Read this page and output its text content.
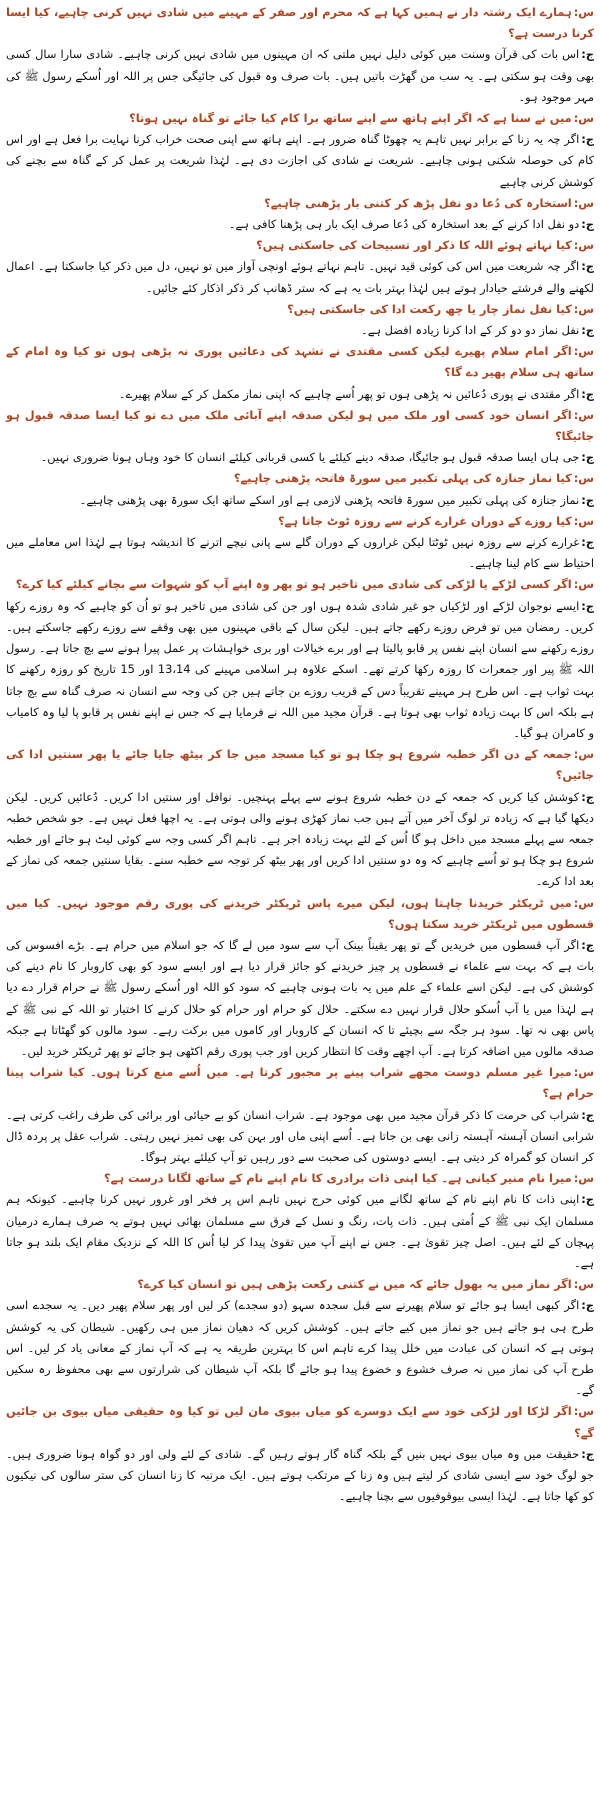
س:ہمارے ایک رشتہ دار نے ہمیں کہا ہے کہ محرم اور صفر کے مہینے میں شادی نہیں کرنی چاہیے، کیا ایسا کرنا درست ہے؟

ج:اس بات کی قرآن وسنت میں کوئی دلیل نہیں ملتی کہ ان مہینوں میں شادی نہیں کرنی چاہیے۔ شادی سارا سال کسی بھی وقت ہو سکتی ہے۔ یہ سب من گھڑت باتیں ہیں۔ بات صرف وہ قبول کی جائیگی جس پر اللہ اور اُسکے رسول ﷺ کی مہر موجود ہو۔

س:میں نے سنا ہے کہ اگر اپنے ہاتھ سے اپنے ساتھ برا کام کیا جائے تو گناہ نہیں ہوتا؟

ج:اگر چہ یہ زنا کے برابر نہیں تاہم یہ چھوٹا گناہ ضرور ہے۔ اپنے ہاتھ سے اپنی صحت خراب کرنا نہایت برا فعل ہے اور اس کام کی حوصلہ شکنی ہونی چاہیے۔ شریعت نے شادی کی اجازت دی ہے۔ لہٰذا شریعت پر عمل کر کے گناہ سے بچنے کی کوشش کرنی چاہیے

س:استخارہ کی دُعا دو نفل پڑھ کر کتنی بار پڑھنی چاہیے؟

ج:دو نفل ادا کرنے کے بعد استخارہ کی دُعا صرف ایک بار ہی پڑھنا کافی ہے۔

س:کیا نہاتے ہوئے اللہ کا ذکر اور تسبیحات کی جاسکتی ہیں؟

ج:اگر چہ شریعت میں اس کی کوئی قید نہیں۔ تاہم نہاتے ہوئے اونچی آواز میں تو نہیں، دل میں ذکر کیا جاسکتا ہے۔ اعمال لکھنے والے فرشتے حیادار ہوتے ہیں لہٰذا بہتر بات یہ ہے کہ ستر ڈھانپ کر ذکر اذکار کئے جائیں۔

س:کیا نفل نماز چار یا چھ رکعت ادا کی جاسکتی ہیں؟

ج:نفل نماز دو دو کر کے ادا کرنا زیادہ افضل ہے۔

س:اگر امام سلام پھیرے لیکن کسی مقتدی نے تشہد کی دعائیں پوری نہ پڑھی ہوں تو کیا وہ امام کے ساتھ ہی سلام پھیر دے گا؟

ج:اگر مقتدی نے پوری دُعائیں نہ پڑھی ہوں تو پھر اُسے چاہیے کہ اپنی نماز مکمل کر کے سلام پھیرے۔

س:اگر انسان خود کسی اور ملک میں ہو لیکن صدقہ اپنے آبائی ملک میں دے تو کیا ایسا صدقہ قبول ہو جائیگا؟

ج:جی ہاں ایسا صدقہ قبول ہو جائیگا، صدقہ دینے کیلئے یا کسی قربانی کیلئے انسان کا خود وہاں ہونا ضروری نہیں۔

س:کیا نماز جنازہ کی پہلی تکبیر میں سورۃ فاتحہ پڑھنی چاہیے؟

ج:نماز جنازہ کی پہلی تکبیر میں سورۃ فاتحہ پڑھنی لازمی ہے اور اسکے ساتھ ایک سورۃ بھی پڑھنی چاہیے۔

س:کیا روزے کے دوران غرارے کرنے سے روزہ ٹوٹ جاتا ہے؟

ج:غرارے کرنے سے روزہ نہیں ٹوٹتا لیکن غراروں کے دوران گلے سے پانی نیچے اترنے کا اندیشہ ہوتا ہے لہٰذا اس معاملے میں احتیاط سے کام لینا چاہیے۔

س:اگر کسی لڑکے یا لڑکی کی شادی میں تاخیر ہو تو پھر وہ اپنے آپ کو شہوات سے بچانے کیلئے کیا کرے؟

ج:ایسے نوجوان لڑکے اور لڑکیاں جو غیر شادی شدہ ہوں اور جن کی شادی میں تاخیر ہو تو اُن کو چاہیے کہ وہ روزے رکھا کریں۔ رمضان میں تو فرض روزے رکھے جاتے ہیں۔ لیکن سال کے باقی مہینوں میں بھی وقفے سے روزے رکھے جاسکتے ہیں۔ روزے رکھنے سے انسان اپنے نفس پر قابو پالیتا ہے اور برے خیالات اور بری خواہشات پر عمل پیرا ہونے سے بچ جاتا ہے۔ رسول اللہ ﷺ پیر اور جمعرات کا روزہ رکھا کرتے تھے۔ اسکے علاوہ ہر اسلامی مہینے کی 13،14 اور 15 تاریخ کو روزہ رکھنے کا بہت ثواب ہے۔ اس طرح ہر مہینے تقریباً دس کے قریب روزے بن جاتے ہیں جن کی وجہ سے انسان نہ صرف گناہ سے بچ جاتا ہے بلکہ اس کا بہت زیادہ ثواب بھی ہوتا ہے۔ قرآن مجید میں اللہ نے فرمایا ہے کہ جس نے اپنے نفس پر قابو پا لیا وہ کامیاب و کامران ہو گیا۔

س:جمعہ کے دن اگر خطبہ شروع ہو چکا ہو تو کیا مسجد میں جا کر بیٹھ جایا جائے یا پھر سنتیں ادا کی جائیں؟

ج:کوشش کیا کریں کہ جمعہ کے دن خطبہ شروع ہونے سے پہلے پہنچیں۔ نوافل اور سنتیں ادا کریں۔ دُعائیں کریں۔ لیکن دیکھا گیا ہے کہ زیادہ تر لوگ آخر میں آتے ہیں جب نماز کھڑی ہونے والی ہوتی ہے۔ یہ اچھا فعل نہیں ہے۔ جو شخص خطبہ جمعہ سے پہلے مسجد میں داخل ہو گا اُس کے لئے بہت زیادہ اجر ہے۔ تاہم اگر کسی وجہ سے کوئی لیٹ ہو جائے اور خطبہ شروع ہو چکا ہو تو اُسے چاہیے کہ وہ دو سنتیں ادا کریں اور پھر بیٹھ کر توجہ سے خطبہ سنے۔ بقایا سنتیں جمعہ کی نماز کے بعد ادا کرے۔

س:میں ٹریکٹر خریدنا چاہتا ہوں، لیکن میرے پاس ٹریکٹر خریدنے کی پوری رقم موجود نہیں۔ کیا میں قسطوں میں ٹریکٹر خرید سکتا ہوں؟

ج:اگر آپ قسطوں میں خریدیں گے تو پھر یقیناً بینک آپ سے سود میں لے گا کہ جو اسلام میں حرام ہے۔ بڑے افسوس کی بات ہے کہ بہت سے علماء نے قسطوں پر چیز خریدنے کو جائز قرار دیا ہے اور ایسے سود کو بھی کاروبار کا نام دینے کی کوشش کی ہے۔ لیکن اسے علماء کے علم میں یہ بات ہونی چاہیے کہ سود کو اللہ اور اُسکے رسول ﷺ نے حرام قرار دے دیا ہے لہٰذا میں یا آپ اُسکو حلال قرار نہیں دے سکتے۔ حلال کو حرام اور حرام کو حلال کرنے کا اختیار تو اللہ کے نبی ﷺ کے پاس بھی نہ تھا۔ سود ہر جگہ سے بچیئے تا کہ انسان کے کاروبار اور کاموں میں برکت رہے۔ سود مالوں کو گھٹاتا ہے جبکہ صدقہ مالوں میں اضافہ کرتا ہے۔ آپ اچھے وقت کا انتظار کریں اور جب پوری رقم اکٹھی ہو جائے تو پھر ٹریکٹر خرید لیں۔

س:میرا غیر مسلم دوست مجھے شراب پینے پر مجبور کرتا ہے۔ میں اُسے منع کرتا ہوں۔ کیا شراب پینا حرام ہے؟

ج:شراب کی حرمت کا ذکر قرآن مجید میں بھی موجود ہے۔ شراب انسان کو بے حیائی اور برائی کی طرف راغب کرتی ہے۔ شرابی انسان آہستہ آہستہ زانی بھی بن جاتا ہے۔ اُسے اپنی ماں اور بہن کی بھی تمیز نہیں رہتی۔ شراب عقل پر پردہ ڈال کر انسان کو گمراہ کر دیتی ہے۔ ایسے دوستوں کی صحبت سے دور رہیں تو آپ کیلئے بہتر ہوگا۔

س:میرا نام منیر کیانی ہے۔ کیا اپنی ذات برادری کا نام اپنے نام کے ساتھ لگانا درست ہے؟

ج:اپنی ذات کا نام اپنے نام کے ساتھ لگانے میں کوئی حرج نہیں تاہم اس پر فخر اور غرور نہیں کرنا چاہیے۔ کیونکہ ہم مسلمان ایک نبی ﷺ کے اُمتی ہیں۔ ذات پات، رنگ و نسل کے فرق سے مسلمان بھائی نہیں ہوتے یہ صرف ہمارے درمیان پہچان کے لئے ہیں۔ اصل چیز تقویٰ ہے۔ جس نے اپنے آپ میں تقویٰ پیدا کر لیا اُس کا اللہ کے نزدیک مقام ایک بلند ہو جاتا ہے۔

س:اگر نماز میں یہ بھول جائے کہ میں نے کتنی رکعت پڑھی ہیں تو انسان کیا کرے؟

ج:اگر کبھی ایسا ہو جائے تو سلام پھیرنے سے قبل سجدہ سہو (دو سجدے) کر لیں اور پھر سلام پھیر دیں۔ یہ سجدے اسی طرح ہی ہو جاتے ہیں جو نماز میں کیے جاتے ہیں۔ کوشش کریں کہ دھیان نماز میں ہی رکھیں۔ شیطان کی یہ کوشش ہوتی ہے کہ انسان کی عبادت میں خلل پیدا کرے تاہم اس کا بہترین طریقہ یہ ہے کہ آپ نماز کے معانی یاد کر لیں۔ اس طرح آپ کی نماز میں نہ صرف خشوع و خضوع پیدا ہو جائے گا بلکہ آپ شیطان کی شرارتوں سے بھی محفوظ رہ سکیں گے۔

س:اگر لڑکا اور لڑکی خود سے ایک دوسرے کو میاں بیوی مان لیں تو کیا وہ حقیقی میاں بیوی بن جائیں گے؟

ج:حقیقت میں وہ میاں بیوی نہیں بنیں گے بلکہ گناہ گار ہوتے رہیں گے۔ شادی کے لئے ولی اور دو گواہ ہونا ضروری ہیں۔ جو لوگ خود سے ایسی شادی کر لیتے ہیں وہ زنا کے مرتکب ہوتے ہیں۔ ایک مرتبہ کا زنا انسان کی ستر سالوں کی نیکیوں کو کھا جاتا ہے۔ لہٰذا ایسی بیوقوفیوں سے بچنا چاہیے۔
